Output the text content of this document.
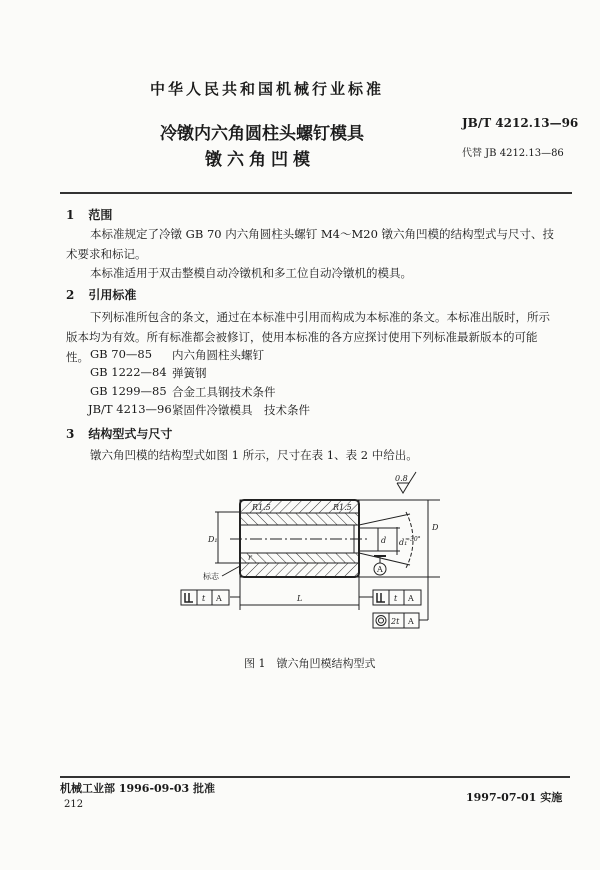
中华人民共和国机械行业标准
JB/T 4212.13—96
代替 JB 4212.13—86
冷镦内六角圆柱头螺钉模具
镦六角凹模
1 范围
本标准规定了冷镦 GB 70 内六角圆柱头螺钉 M4～M20 镦六角凹模的结构型式与尺寸、技术要求和标记。
本标准适用于双击整模自动冷镦机和多工位自动冷镦机的模具。
2 引用标准
下列标准所包含的条文，通过在本标准中引用而构成为本标准的条文。本标准出版时，所示版本均为有效。所有标准都会被修订，使用本标准的各方应探讨使用下列标准最新版本的可能性。 GB 70—85 内六角圆柱头螺钉
GB 1222—84 弹簧钢
GB 1299—85 合金工具钢技术条件
JB/T 4213—96 紧固件冷镦模具　技术条件
3 结构型式与尺寸
镦六角凹模的结构型式如图 1 所示，尺寸在表 1、表 2 中给出。
0.8
R1.5	R1.5
D₁
D
d d₁
≈30°
r
标志
L
A
t A	t A
2t A
图 1　镦六角凹模结构型式
机械工业部 1996-09-03 批准
1997-07-01 实施
212
